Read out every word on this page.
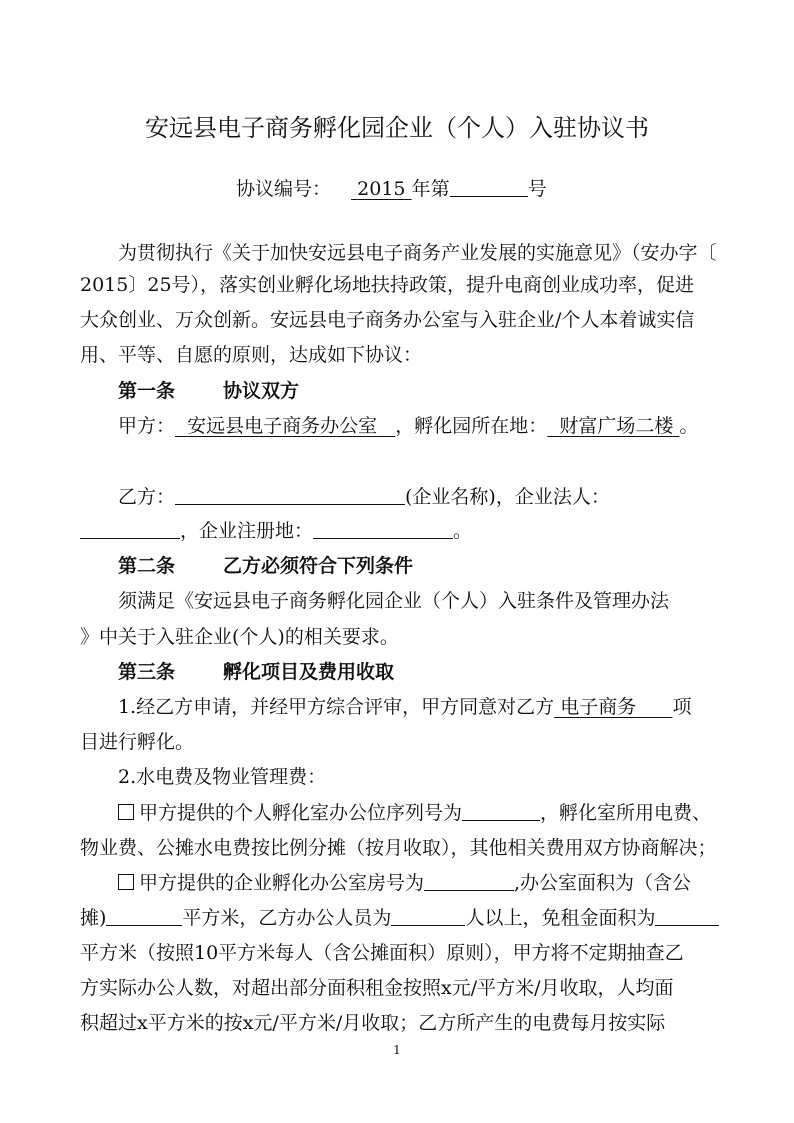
安远县电子商务孵化园企业（个人）入驻协议书
协议编号： 2015 年第	号
为贯彻执行《关于加快安远县电子商务产业发展的实施意见》（安办字〔
2015〕25号），落实创业孵化场地扶持政策，提升电商创业成功率，促进
大众创业、万众创新。安远县电子商务办公室与入驻企业/个人本着诚实信
用、平等、自愿的原则，达成如下协议：
第一条	协议双方
甲方： 安远县电子商务办公室 ，孵化园所在地： 财富广场二楼 。
乙方：	(企业名称)，企业法人：
，企业注册地：	。
第二条	乙方必须符合下列条件
须满足《安远县电子商务孵化园企业（个人）入驻条件及管理办法
》中关于入驻企业(个人)的相关要求。
第三条	孵化项目及费用收取
1.经乙方申请，并经甲方综合评审，甲方同意对乙方 电子商务 项
目进行孵化。
2.水电费及物业管理费：
甲方提供的个人孵化室办公位序列号为	，孵化室所用电费、
物业费、公摊水电费按比例分摊（按月收取），其他相关费用双方协商解决；
甲方提供的企业孵化办公室房号为	,办公室面积为（含公
摊)	平方米，乙方办公人员为	人以上，免租金面积为
平方米（按照10平方米每人（含公摊面积）原则），甲方将不定期抽查乙
方实际办公人数，对超出部分面积租金按照x元/平方米/月收取，人均面
积超过x平方米的按x元/平方米/月收取；乙方所产生的电费每月按实际
1
